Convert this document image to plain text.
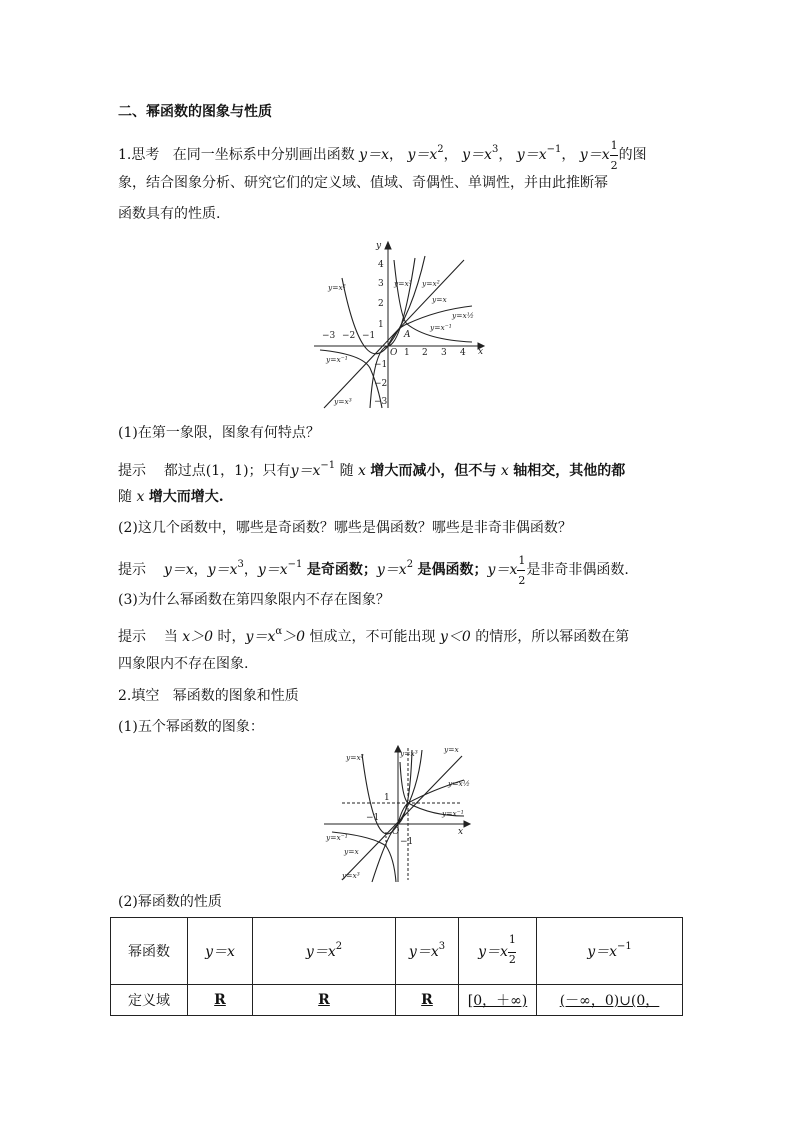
二、幂函数的图象与性质
1.思考 在同一坐标系中分别画出函数 y＝x， $y=x^2$， $y=x^3$， $y=x^{-1}$， $y=x \frac{1}{2}$ 的图
象，结合图象分析、研究它们的定义域、值域、奇偶性、单调性，并由此推断幂
函数具有的性质.
y
x
O
A
−3 −2 −1
1 2 3 4
4
3
2
1
−1
−2
−3
y=x²	y=x³ y=x²
y=x
y=x½
y=x⁻¹
y=x⁻¹
y=x³
(1)在第一象限，图象有何特点？
提示 都过点(1，1)；只有$y=x^{-1}$ 随 x 增大而减小，但不与 x 轴相交，其他的都
随 x 增大而增大.
(2)这几个函数中，哪些是奇函数？哪些是偶函数？哪些是非奇非偶函数？
提示 y＝x，$y=x^3$，$y=x^{-1}$ 是奇函数；$y=x^2$ 是偶函数；$y=x \frac{1}{2}$ 是非奇非偶函数.
(3)为什么幂函数在第四象限内不存在图象？
提示 当 x＞0 时，$y=x^\alpha>0$ 恒成立，不可能出现 y＜0 的情形，所以幂函数在第
四象限内不存在图象.
2.填空 幂函数的图象和性质
(1)五个幂函数的图象：
x
O
1
−1
−1
y=x²	y=x³	y=x
y=x½
y=x⁻¹
y=x⁻¹
y=x
y=x³
(2)幂函数的性质
幂函数	y＝x	$y=x^2$	$y=x^3$	$y=x \frac{1}{2}$	$y=x^{-1}$
定义域	R	R	R	[0，＋∞)	(－∞，0)∪(0，
